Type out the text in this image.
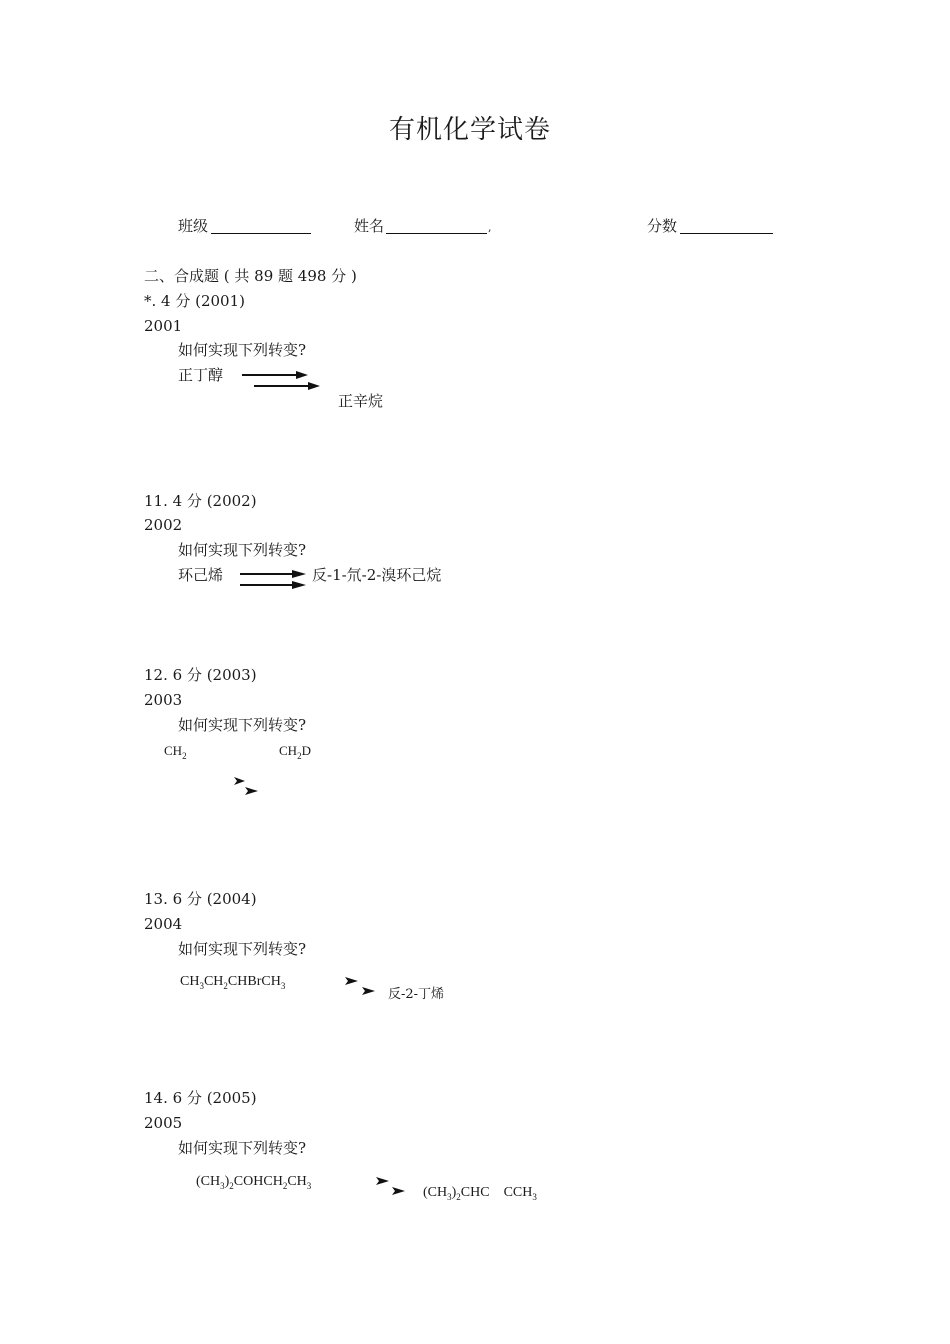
有机化学试卷
班级	姓名	,	分数
二、合成题 ( 共 89 题 498 分 )
*. 4 分 (2001)
2001
如何实现下列转变?
正丁醇
正辛烷
11. 4 分 (2002)
2002
如何实现下列转变?
环己烯	反-1-氘-2-溴环己烷
12. 6 分 (2003)
2003
如何实现下列转变?
$CH_2$	$CH_2D$
13. 6 分 (2004)
2004
如何实现下列转变?
$CH_3CH_2CHBrCH_3$
反-2-丁烯
14. 6 分 (2005)
2005
如何实现下列转变?
$(CH_3)_2COHCH_2CH_3$	$(CH_3)_2CHC$    $CCH_3$
